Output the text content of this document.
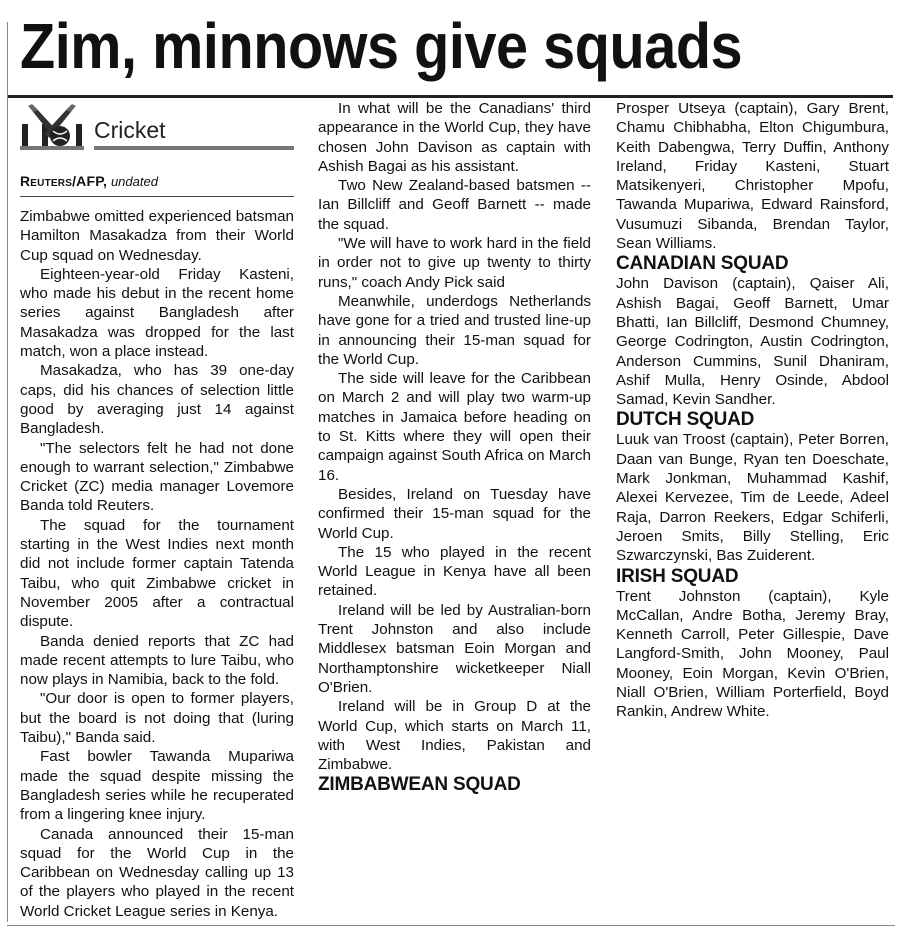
Zim, minnows give squads
Cricket
Reuters/AFP, undated

Zimbabwe omitted experienced batsman Hamilton Masakadza from their World Cup squad on Wednesday.

Eighteen-year-old Friday Kasteni, who made his debut in the recent home series against Bangladesh after Masakadza was dropped for the last match, won a place instead.

Masakadza, who has 39 one-day caps, did his chances of selection little good by averaging just 14 against Bangladesh.

"The selectors felt he had not done enough to warrant selection," Zimbabwe Cricket (ZC) media manager Lovemore Banda told Reuters.

The squad for the tournament starting in the West Indies next month did not include former captain Tatenda Taibu, who quit Zimbabwe cricket in November 2005 after a contractual dispute.

Banda denied reports that ZC had made recent attempts to lure Taibu, who now plays in Namibia, back to the fold.

"Our door is open to former players, but the board is not doing that (luring Taibu)," Banda said.

Fast bowler Tawanda Mupariwa made the squad despite missing the Bangladesh series while he recuperated from a lingering knee injury.

Canada announced their 15-man squad for the World Cup in the Caribbean on Wednesday calling up 13 of the players who played in the recent World Cricket League series in Kenya.

In what will be the Canadians' third appearance in the World Cup, they have chosen John Davison as captain with Ashish Bagai as his assistant.

Two New Zealand-based batsmen -- Ian Billcliff and Geoff Barnett -- made the squad.

"We will have to work hard in the field in order not to give up twenty to thirty runs," coach Andy Pick said

Meanwhile, underdogs Netherlands have gone for a tried and trusted line-up in announcing their 15-man squad for the World Cup.

The side will leave for the Caribbean on March 2 and will play two warm-up matches in Jamaica before heading on to St. Kitts where they will open their campaign against South Africa on March 16.

Besides, Ireland on Tuesday have confirmed their 15-man squad for the World Cup.

The 15 who played in the recent World League in Kenya have all been retained.

Ireland will be led by Australian-born Trent Johnston and also include Middlesex batsman Eoin Morgan and Northamptonshire wicketkeeper Niall O'Brien.

Ireland will be in Group D at the World Cup, which starts on March 11, with West Indies, Pakistan and Zimbabwe.

ZIMBABWEAN SQUAD

Prosper Utseya (captain), Gary Brent, Chamu Chibhabha, Elton Chigumbura, Keith Dabengwa, Terry Duffin, Anthony Ireland, Friday Kasteni, Stuart Matsikenyeri, Christopher Mpofu, Tawanda Mupariwa, Edward Rainsford, Vusumuzi Sibanda, Brendan Taylor, Sean Williams.

CANADIAN SQUAD

John Davison (captain), Qaiser Ali, Ashish Bagai, Geoff Barnett, Umar Bhatti, Ian Billcliff, Desmond Chumney, George Codrington, Austin Codrington, Anderson Cummins, Sunil Dhaniram, Ashif Mulla, Henry Osinde, Abdool Samad, Kevin Sandher.

DUTCH SQUAD

Luuk van Troost (captain), Peter Borren, Daan van Bunge, Ryan ten Doeschate, Mark Jonkman, Muhammad Kashif, Alexei Kervezee, Tim de Leede, Adeel Raja, Darron Reekers, Edgar Schiferli, Jeroen Smits, Billy Stelling, Eric Szwarczynski, Bas Zuiderent.

IRISH SQUAD

Trent Johnston (captain), Kyle McCallan, Andre Botha, Jeremy Bray, Kenneth Carroll, Peter Gillespie, Dave Langford-Smith, John Mooney, Paul Mooney, Eoin Morgan, Kevin O'Brien, Niall O'Brien, William Porterfield, Boyd Rankin, Andrew White.
